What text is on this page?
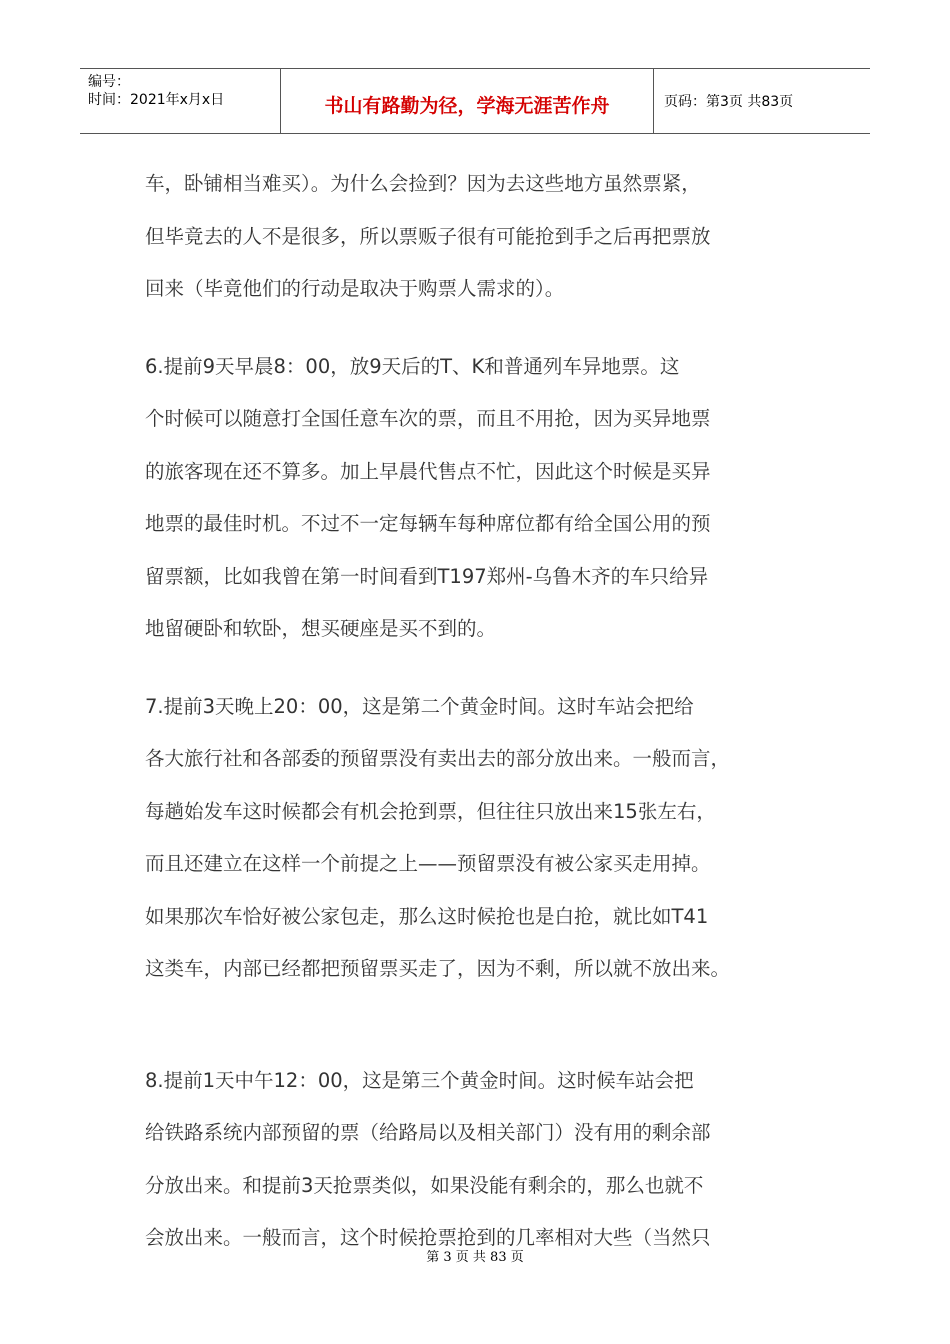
编号：
时间：2021年x月x日	书山有路勤为径，学海无涯苦作舟	页码：第3页 共83页

车，卧铺相当难买）。为什么会捡到？因为去这些地方虽然票紧，
但毕竟去的人不是很多，所以票贩子很有可能抢到手之后再把票放
回来（毕竟他们的行动是取决于购票人需求的）。

6.提前9天早晨8：00，放9天后的T、K和普通列车异地票。这
个时候可以随意打全国任意车次的票，而且不用抢，因为买异地票
的旅客现在还不算多。加上早晨代售点不忙，因此这个时候是买异
地票的最佳时机。不过不一定每辆车每种席位都有给全国公用的预
留票额，比如我曾在第一时间看到T197郑州-乌鲁木齐的车只给异
地留硬卧和软卧，想买硬座是买不到的。

7.提前3天晚上20：00，这是第二个黄金时间。这时车站会把给
各大旅行社和各部委的预留票没有卖出去的部分放出来。一般而言，
每趟始发车这时候都会有机会抢到票，但往往只放出来15张左右，
而且还建立在这样一个前提之上——预留票没有被公家买走用掉。
如果那次车恰好被公家包走，那么这时候抢也是白抢，就比如T41
这类车，内部已经都把预留票买走了，因为不剩，所以就不放出来。

8.提前1天中午12：00，这是第三个黄金时间。这时候车站会把
给铁路系统内部预留的票（给路局以及相关部门）没有用的剩余部
分放出来。和提前3天抢票类似，如果没能有剩余的，那么也就不
会放出来。一般而言，这个时候抢票抢到的几率相对大些（当然只

第 3 页 共 83 页
